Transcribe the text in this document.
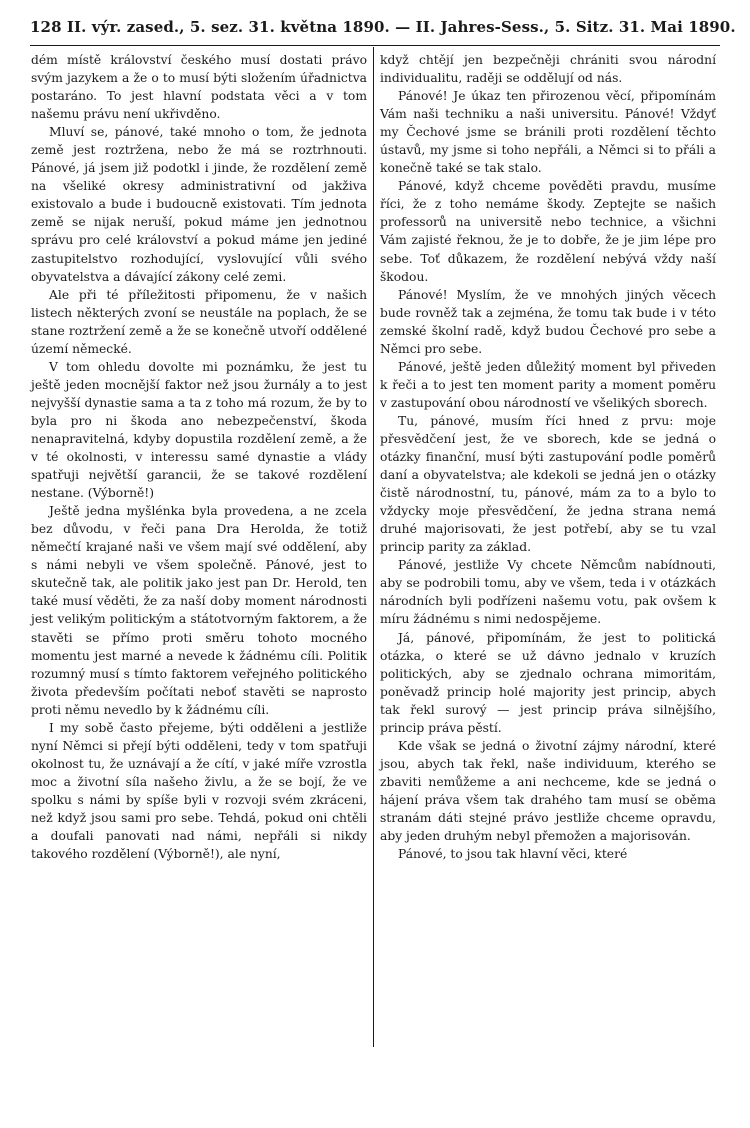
128 II. výr. zased., 5. sez. 31. května 1890. — II. Jahres-Sess., 5. Sitz. 31. Mai 1890.

dém místě království českého musí dostati právo svým jazykem a že o to musí býti složením úřadnictva postaráno. To jest hlavní podstata věci a v tom našemu právu není ukřivděno.

Mluví se, pánové, také mnoho o tom, že jednota země jest roztržena, nebo že má se roztrhnouti. Pánové, já jsem již podotkl i jinde, že rozdělení země na všeliké okresy administrativní od jakživa existovalo a bude i budoucně existovati. Tím jednota země se nijak neruší, pokud máme jen jednotnou správu pro celé království a pokud máme jen jediné zastupitelstvo rozhodující, vyslovující vůli svého obyvatelstva a dávající zákony celé zemi.

Ale při té příležitosti připomenu, že v našich listech některých zvoní se neustále na poplach, že se stane roztržení země a že se konečně utvoří oddělené území německé.

V tom ohledu dovolte mi poznámku, že jest tu ještě jeden mocnější faktor než jsou žurnály a to jest nejvyšší dynastie sama a ta z toho má rozum, že by to byla pro ni škoda ano nebezpečenství, škoda nenapravitelná, kdyby dopustila rozdělení země, a že v té okolnosti, v interessu samé dynastie a vlády spatřuji největší garancii, že se takové rozdělení nestane. (Výborně!)

Ještě jedna myšlénka byla provedena, a ne zcela bez důvodu, v řeči pana Dra Herolda, že totiž němečtí krajané naši ve všem mají své oddělení, aby s námi nebyli ve všem společně. Pánové, jest to skutečně tak, ale politik jako jest pan Dr. Herold, ten také musí věděti, že za naší doby moment národnosti jest velikým politickým a státotvorným faktorem, a že stavěti se přímo proti směru tohoto mocného momentu jest marné a nevede k žádnému cíli. Politik rozumný musí s tímto faktorem veřejného politického života především počítati neboť stavěti se naprosto proti němu nevedlo by k žádnému cíli.

I my sobě často přejeme, býti odděleni a jestliže nyní Němci si přejí býti odděleni, tedy v tom spatřuji okolnost tu, že uznávají a že cítí, v jaké míře vzrostla moc a životní síla našeho živlu, a že se bojí, že ve spolku s námi by spíše byli v rozvoji svém zkráceni, než když jsou sami pro sebe. Tehdá, pokud oni chtěli a doufali panovati nad námi, nepřáli si nikdy takového rozdělení (Výborně!), ale nyní,

když chtějí jen bezpečněji chrániti svou národní individualitu, raději se oddělují od nás.

Pánové! Je úkaz ten přirozenou věcí, připomínám Vám naši techniku a naši universitu. Pánové! Vždyť my Čechové jsme se bránili proti rozdělení těchto ústavů, my jsme si toho nepřáli, a Němci si to přáli a konečně také se tak stalo.

Pánové, když chceme pověděti pravdu, musíme říci, že z toho nemáme škody. Zeptejte se našich professorů na universitě nebo technice, a všichni Vám zajisté řeknou, že je to dobře, že je jim lépe pro sebe. Toť důkazem, že rozdělení nebývá vždy naší škodou.

Pánové! Myslím, že ve mnohých jiných věcech bude rovněž tak a zejména, že tomu tak bude i v této zemské školní radě, když budou Čechové pro sebe a Němci pro sebe.

Pánové, ještě jeden důležitý moment byl přiveden k řeči a to jest ten moment parity a moment poměru v zastupování obou národností ve všelikých sborech.

Tu, pánové, musím říci hned z prvu: moje přesvědčení jest, že ve sborech, kde se jedná o otázky finanční, musí býti zastupování podle poměrů daní a obyvatelstva; ale kdekoli se jedná jen o otázky čistě národnostní, tu, pánové, mám za to a bylo to vždycky moje přesvědčení, že jedna strana nemá druhé majorisovati, že jest potřebí, aby se tu vzal princip parity za základ.

Pánové, jestliže Vy chcete Němcům nabídnouti, aby se podrobili tomu, aby ve všem, teda i v otázkách národních byli podřízeni našemu votu, pak ovšem k míru žádnému s nimi nedospějeme.

Já, pánové, připomínám, že jest to politická otázka, o které se už dávno jednalo v kruzích politických, aby se zjednalo ochrana mimoritám, poněvadž princip holé majority jest princip, abych tak řekl surový — jest princip práva silnějšího, princip práva pěstí.

Kde však se jedná o životní zájmy národní, které jsou, abych tak řekl, naše individuum, kterého se zbaviti nemůžeme a ani nechceme, kde se jedná o hájení práva všem tak drahého tam musí se oběma stranám dáti stejné právo jestliže chceme opravdu, aby jeden druhým nebyl přemožen a majorisován.

Pánové, to jsou tak hlavní věci, které
